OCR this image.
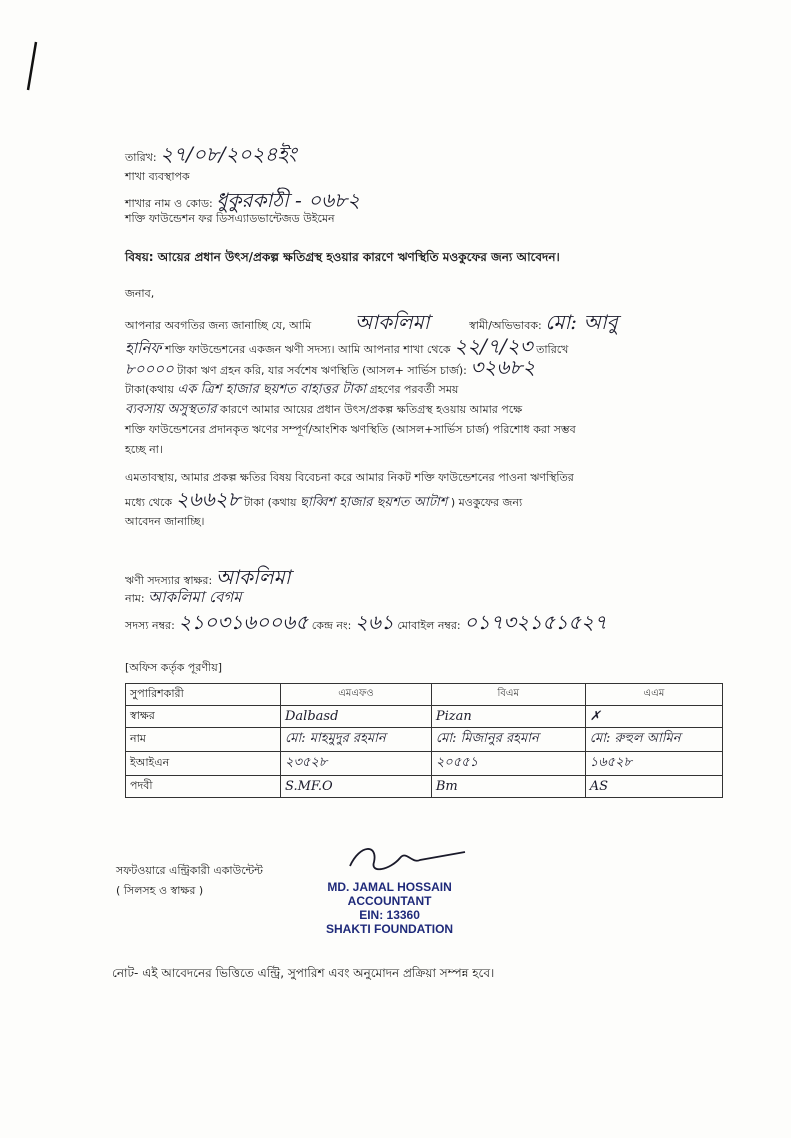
তারিখ: ২৭/০৮/২০২৪ইং
শাখা ব্যবস্থাপক
শাখার নাম ও কোড: ধুকুরকাঠী - ০৬৮২
শক্তি ফাউন্ডেশন ফর ডিসএ্যাডভান্টেজড উইমেন
বিষয়: আয়ের প্রধান উৎস/প্রকল্প ক্ষতিগ্রস্থ হওয়ার কারণে ঋণস্থিতি মওকুফের জন্য আবেদন।
জনাব,
আপনার অবগতির জন্য জানাচ্ছি যে, আমি আকলিমা	স্বামী/অভিভাবক: মো: আবু
হানিফ শক্তি ফাউন্ডেশনের একজন ঋণী সদস্য। আমি আপনার শাখা থেকে ২২/৭/২৩ তারিখে
৮০০০০ টাকা ঋণ গ্রহন করি, যার সর্বশেষ ঋণস্থিতি (আসল+ সার্ভিস চার্জ): ৩২৬৮২
টাকা(কথায় এক ত্রিশ হাজার ছয়শত বাহাত্তর টাকা গ্রহণের পরবর্তী সময়
ব্যবসায় অসুস্থতার কারণে আমার আয়ের প্রধান উৎস/প্রকল্প ক্ষতিগ্রস্থ হওয়ায় আমার পক্ষে
শক্তি ফাউন্ডেশনের প্রদানকৃত ঋণের সম্পূর্ণ/আংশিক ঋণস্থিতি (আসল+সার্ভিস চার্জ) পরিশোধ করা সম্ভব
হচ্ছে না।
এমতাবস্থায়, আমার প্রকল্প ক্ষতির বিষয় বিবেচনা করে আমার নিকট শক্তি ফাউন্ডেশনের পাওনা ঋণস্থিতির
মধ্যে থেকে ২৬৬২৮ টাকা (কথায় ছাব্বিশ হাজার ছয়শত আটাশ ) মওকুফের জন্য
আবেদন জানাচ্ছি।
ঋণী সদস্যার স্বাক্ষর: আকলিমা
নাম: আকলিমা বেগম
সদস্য নম্বর: ২১০৩১৬০০৬৫ কেন্দ্র নং: ২৬১ মোবাইল নম্বর: ০১৭৩২১৫১৫২৭
[অফিস কর্তৃক পূরণীয়]
সুপারিশকারী	এমএফও	বিএম	এএম
স্বাক্ষর	Dalbasd	Pizan	✗
নাম	মো: মাহমুদুর রহমান	মো: মিজানুর রহমান	মো: রুহুল আমিন
ইআইএন	২৩৫২৮	২০৫৫১	১৬৫২৮
পদবী	S.MF.O	Bm	AS
সফটওয়ারে এন্ট্রিকারী একাউন্টেন্ট
( সিলসহ ও স্বাক্ষর )	MD. JAMAL HOSSAIN
ACCOUNTANT
EIN: 13360
SHAKTI FOUNDATION
নোট- এই আবেদনের ভিত্তিতে এন্ট্রি, সুপারিশ এবং অনুমোদন প্রক্রিয়া সম্পন্ন হবে।
